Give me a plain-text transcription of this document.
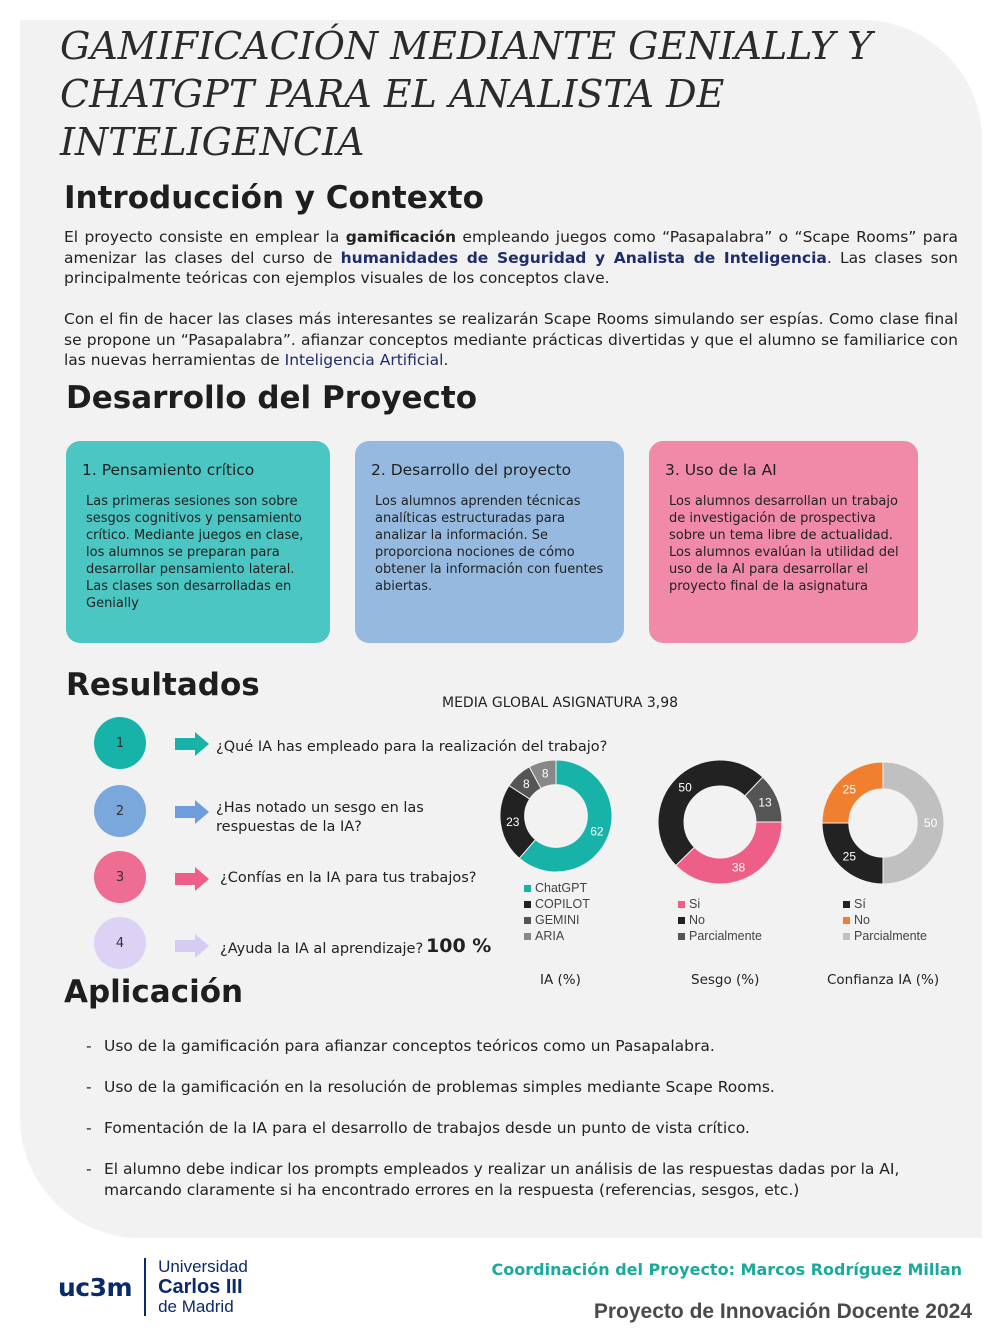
GAMIFICACIÓN MEDIANTE GENIALLY Y CHATGPT PARA EL ANALISTA DE INTELIGENCIA
Introducción y Contexto

El proyecto consiste en emplear la gamificación empleando juegos como “Pasapalabra” o “Scape Rooms” para amenizar las clases del curso de humanidades de Seguridad y Analista de Inteligencia. Las clases son principalmente teóricas con ejemplos visuales de los conceptos clave.

Con el fin de hacer las clases más interesantes se realizarán Scape Rooms simulando ser espías. Como clase final se propone un “Pasapalabra”. afianzar conceptos mediante prácticas divertidas y que el alumno se familiarice con las nuevas herramientas de Inteligencia Artificial.

Desarrollo del Proyecto
1. Pensamiento crítico
Las primeras sesiones son sobre sesgos cognitivos y pensamiento crítico. Mediante juegos en clase, los alumnos se preparan para desarrollar pensamiento lateral. Las clases son desarrolladas en Genially
2. Desarrollo del proyecto
Los alumnos aprenden técnicas analíticas estructuradas para analizar la información. Se proporciona nociones de cómo obtener la información con fuentes abiertas.
3. Uso de la AI
Los alumnos desarrollan un trabajo de investigación de prospectiva sobre un tema libre de actualidad. Los alumnos evalúan la utilidad del uso de la AI para desarrollar el proyecto final de la asignatura
Resultados	MEDIA GLOBAL ASIGNATURA 3,98
1	¿Qué IA has empleado para la realización del trabajo?
2	¿Has notado un sesgo en las respuestas de la IA?
3	¿Confías en la IA para tus trabajos?
4	¿Ayuda la IA al aprendizaje? 100 %
62
23
8
8
38
50
13
50
25
25
ChatGPT
COPILOT
GEMINI
ARIA
Si
No
Parcialmente
Sí
No
Parcialmente
IA (%)	Sesgo (%)	Confianza IA (%)
Aplicación
- Uso de la gamificación para afianzar conceptos teóricos como un Pasapalabra.
- Uso de la gamificación en la resolución de problemas simples mediante Scape Rooms.
- Fomentación de la IA para el desarrollo de trabajos desde un punto de vista crítico.
- El alumno debe indicar los prompts empleados y realizar un análisis de las respuestas dadas por la AI, marcando claramente si ha encontrado errores en la respuesta (referencias, sesgos, etc.)
uc3m
Universidad
Carlos III
de Madrid
Coordinación del Proyecto: Marcos Rodríguez Millan
Proyecto de Innovación Docente 2024
